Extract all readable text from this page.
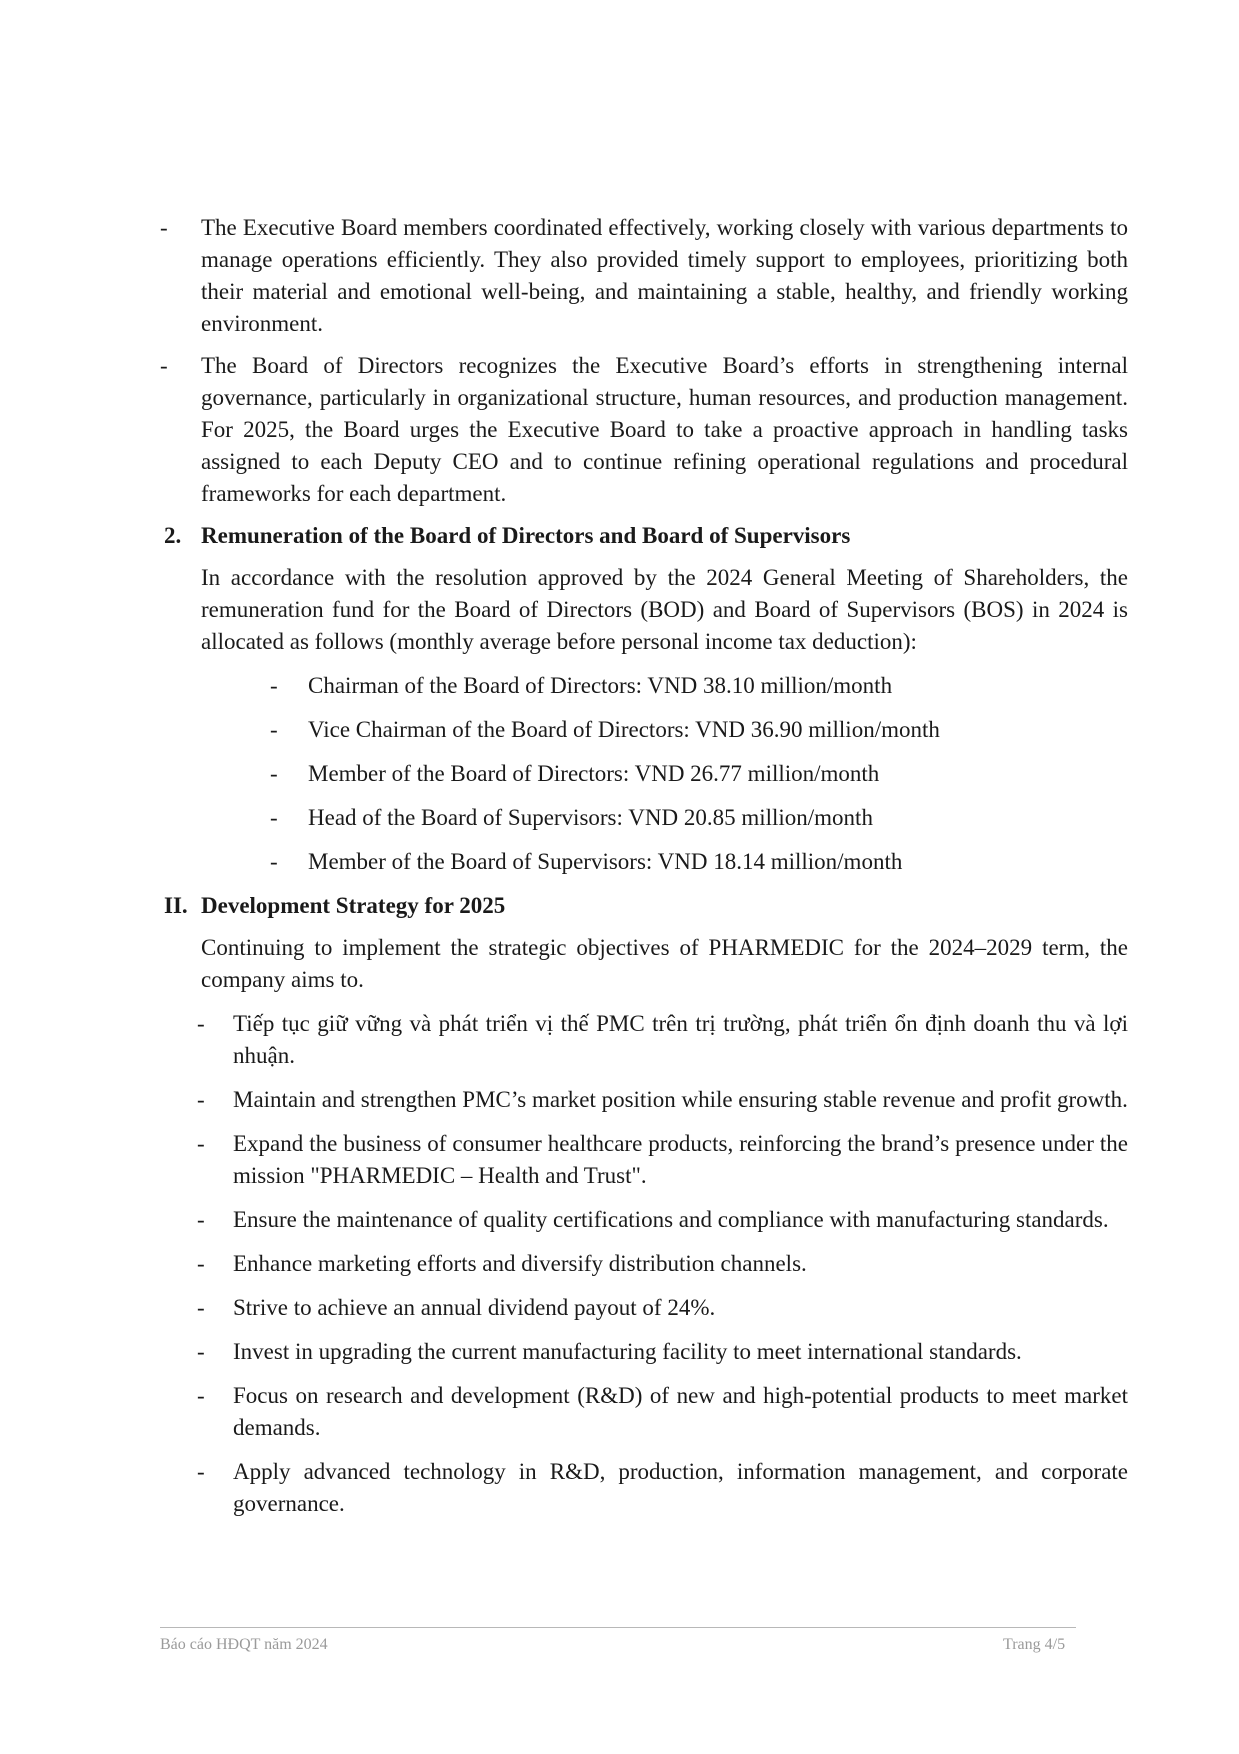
- The Executive Board members coordinated effectively, working closely with various departments to manage operations efficiently. They also provided timely support to employees, prioritizing both their material and emotional well-being, and maintaining a stable, healthy, and friendly working environment.
- The Board of Directors recognizes the Executive Board’s efforts in strengthening internal governance, particularly in organizational structure, human resources, and production management. For 2025, the Board urges the Executive Board to take a proactive approach in handling tasks assigned to each Deputy CEO and to continue refining operational regulations and procedural frameworks for each department.
2. Remuneration of the Board of Directors and Board of Supervisors
In accordance with the resolution approved by the 2024 General Meeting of Shareholders, the remuneration fund for the Board of Directors (BOD) and Board of Supervisors (BOS) in 2024 is allocated as follows (monthly average before personal income tax deduction):
- Chairman of the Board of Directors: VND 38.10 million/month
- Vice Chairman of the Board of Directors: VND 36.90 million/month
- Member of the Board of Directors: VND 26.77 million/month
- Head of the Board of Supervisors: VND 20.85 million/month
- Member of the Board of Supervisors: VND 18.14 million/month
II. Development Strategy for 2025
Continuing to implement the strategic objectives of PHARMEDIC for the 2024–2029 term, the company aims to.
- Tiếp tục giữ vững và phát triển vị thế PMC trên trị trường, phát triển ổn định doanh thu và lợi nhuận.
- Maintain and strengthen PMC’s market position while ensuring stable revenue and profit growth.
- Expand the business of consumer healthcare products, reinforcing the brand’s presence under the mission "PHARMEDIC – Health and Trust".
- Ensure the maintenance of quality certifications and compliance with manufacturing standards.
- Enhance marketing efforts and diversify distribution channels.
- Strive to achieve an annual dividend payout of 24%.
- Invest in upgrading the current manufacturing facility to meet international standards.
- Focus on research and development (R&D) of new and high-potential products to meet market demands.
- Apply advanced technology in R&D, production, information management, and corporate governance.
Báo cáo HĐQT năm 2024	Trang 4/5
